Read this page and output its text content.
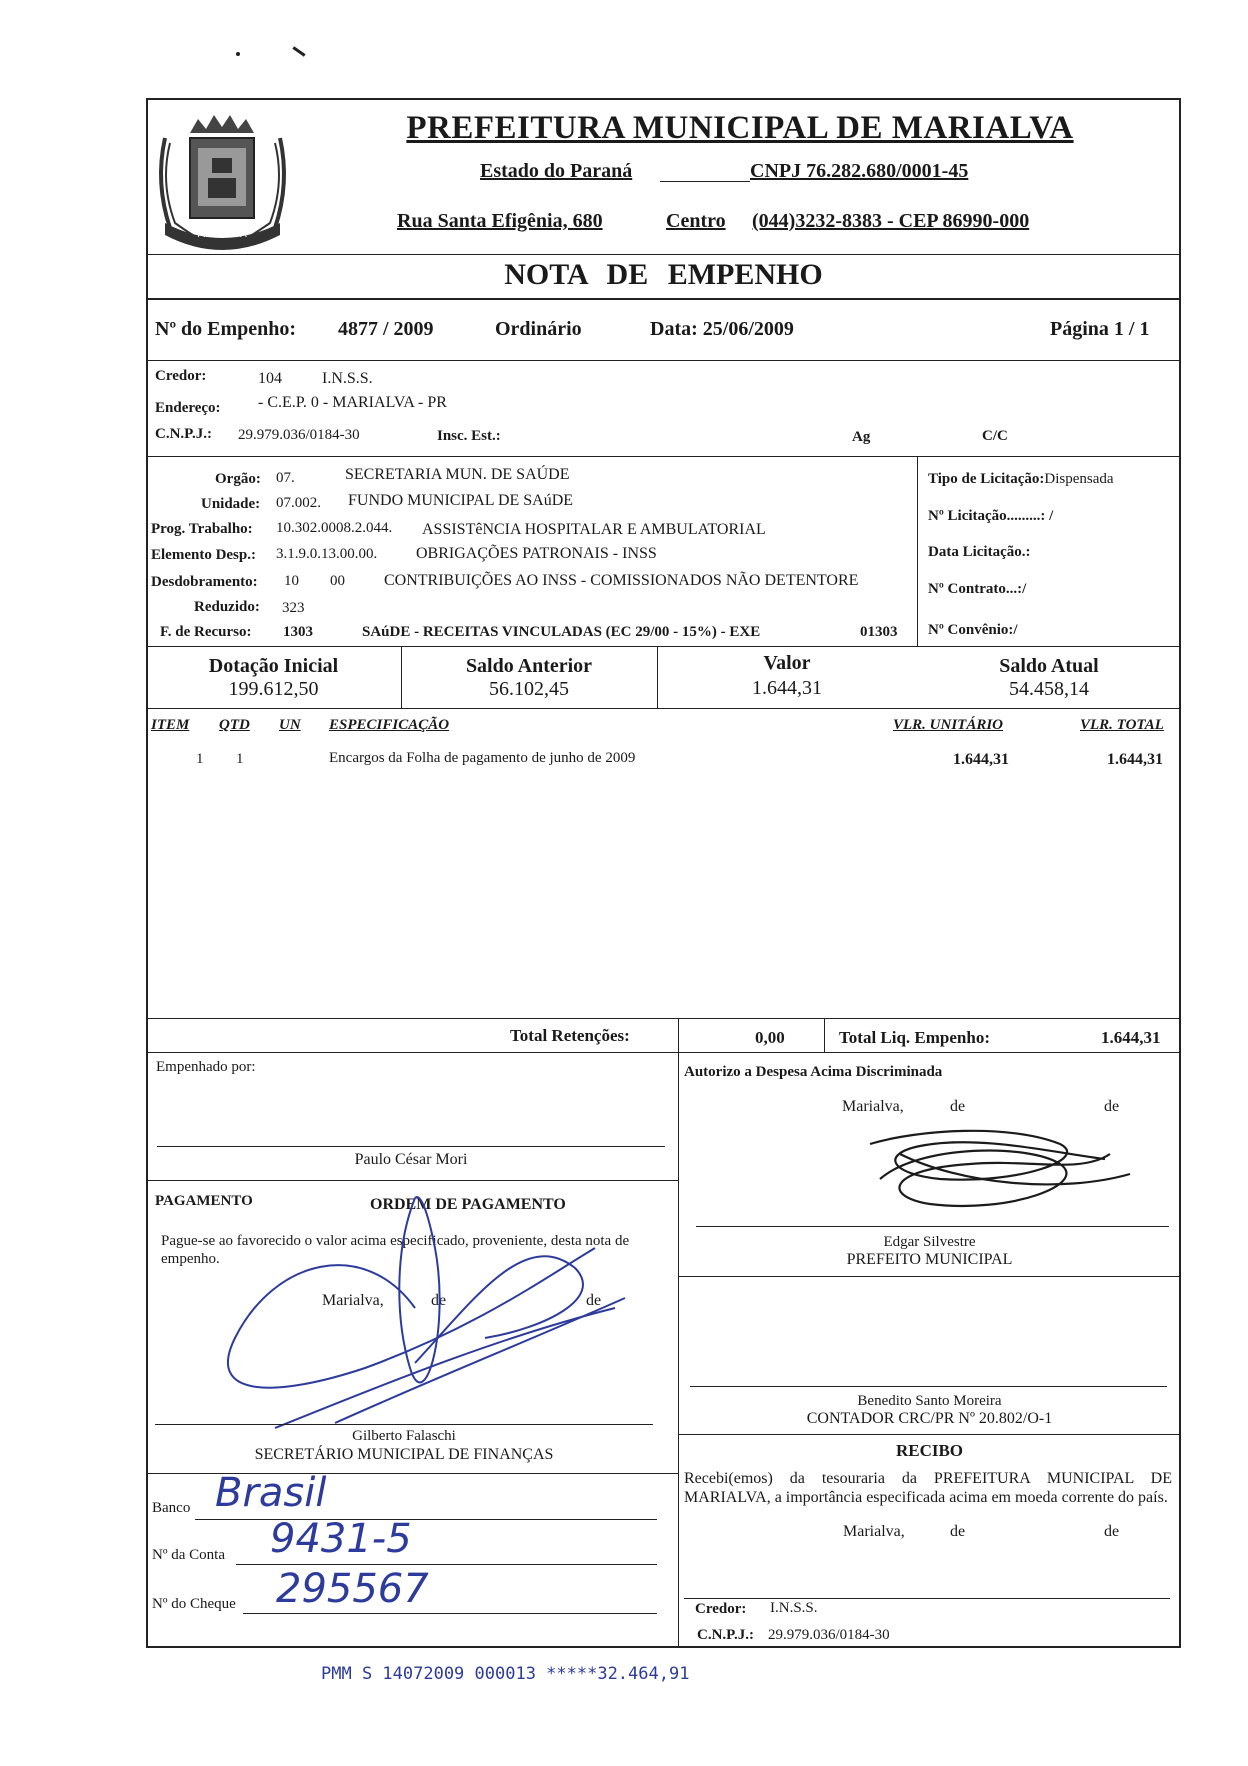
MARIALVA
PREFEITURA MUNICIPAL DE MARIALVA
Estado do Paraná	CNPJ 76.282.680/0001-45
Rua Santa Efigênia, 680	Centro (044)3232-8383 - CEP 86990-000
NOTA DE EMPENHO
Nº do Empenho: 4877 / 2009	Ordinário	Data: 25/06/2009	Página 1 / 1
Credor:	104	I.N.S.S.
Endereço: - C.E.P. 0 - MARIALVA - PR
C.N.P.J.: 29.979.036/0184-30	Insc. Est.:	Ag	C/C
Orgão: 07.	SECRETARIA MUN. DE SAÚDE
Unidade: 07.002. FUNDO MUNICIPAL DE SAúDE
Prog. Trabalho: 10.302.0008.2.044. ASSISTêNCIA HOSPITALAR E AMBULATORIAL
Elemento Desp.: 3.1.9.0.13.00.00. OBRIGAÇÕES PATRONAIS - INSS
Desdobramento: 10 00 CONTRIBUIÇÕES AO INSS - COMISSIONADOS NÃO DETENTORE
Reduzido: 323
F. de Recurso: 1303	SAúDE - RECEITAS VINCULADAS (EC 29/00 - 15%) - EXE	01303
Tipo de Licitação:Dispensada
Nº Licitação.........: /
Data Licitação.:
Nº Contrato...:/
Nº Convênio:/
Dotação Inicial
199.612,50
Saldo Anterior
56.102,45
Valor
1.644,31
Saldo Atual
54.458,14
ITEM QTD UN ESPECIFICAÇÃO	VLR. UNITÁRIO	VLR. TOTAL
1 1	Encargos da Folha de pagamento de junho de 2009	1.644,31	1.644,31
Total Retenções:	0,00	Total Liq. Empenho:	1.644,31
Empenhado por:
Paulo César Mori
Autorizo a Despesa Acima Discriminada
Marialva,	de	de
Edgar Silvestre
PREFEITO MUNICIPAL
PAGAMENTO	ORDEM DE PAGAMENTO
Pague-se ao favorecido o valor acima especificado, proveniente, desta nota de empenho.
Marialva,	de	de
Gilberto Falaschi
SECRETÁRIO MUNICIPAL DE FINANÇAS
Banco Brasil
Nº da Conta 9431-5
Nº do Cheque 295567
Benedito Santo Moreira
CONTADOR CRC/PR Nº 20.802/O-1
RECIBO
Recebi(emos) da tesouraria da PREFEITURA MUNICIPAL DE MARIALVA, a importância especificada acima em moeda corrente do país.
Marialva,	de	de
Credor: I.N.S.S.
C.N.P.J.: 29.979.036/0184-30
PMM S 14072009 000013 *****32.464,91
